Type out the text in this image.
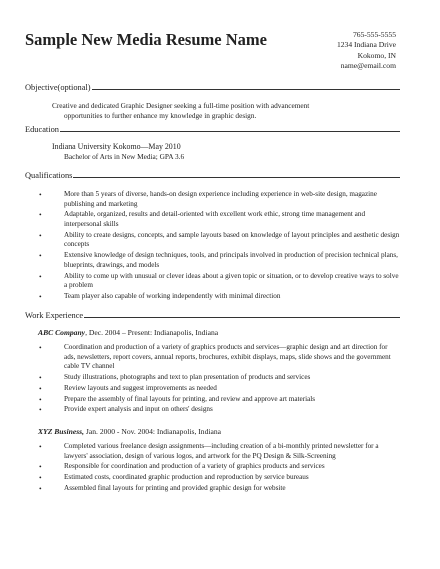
Sample New Media Resume Name	765-555-5555
1234 Indiana Drive
Kokomo, IN
name@email.com
Objective(optional)
Creative and dedicated Graphic Designer seeking a full-time position with advancement
opportunities to further enhance my knowledge in graphic design.
Education
Indiana University Kokomo—May 2010
Bachelor of Arts in New Media; GPA 3.6
Qualifications
• More than 5 years of diverse, hands-on design experience including experience in web-site design, magazine publishing and marketing
• Adaptable, organized, results and detail-oriented with excellent work ethic, strong time management and interpersonal skills
• Ability to create designs, concepts, and sample layouts based on knowledge of layout principles and aesthetic design concepts
• Extensive knowledge of design techniques, tools, and principals involved in production of precision technical plans, blueprints, drawings, and models
• Ability to come up with unusual or clever ideas about a given topic or situation, or to develop creative ways to solve a problem
• Team player also capable of working independently with minimal direction
Work Experience
ABC Company, Dec. 2004 – Present: Indianapolis, Indiana
• Coordination and production of a variety of graphics products and services—graphic design and art direction for ads, newsletters, report covers, annual reports, brochures, exhibit displays, maps, slide shows and the government cable TV channel
• Study illustrations, photographs and text to plan presentation of products and services
• Review layouts and suggest improvements as needed
• Prepare the assembly of final layouts for printing, and review and approve art materials
• Provide expert analysis and input on others' designs
XYZ Business, Jan. 2000 - Nov. 2004: Indianapolis, Indiana
• Completed various freelance design assignments—including creation of a bi-monthly printed newsletter for a lawyers' association, design of various logos, and artwork for the PQ Design & Silk-Screening
• Responsible for coordination and production of a variety of graphics products and services
• Estimated costs, coordinated graphic production and reproduction by service bureaus
• Assembled final layouts for printing and provided graphic design for website
